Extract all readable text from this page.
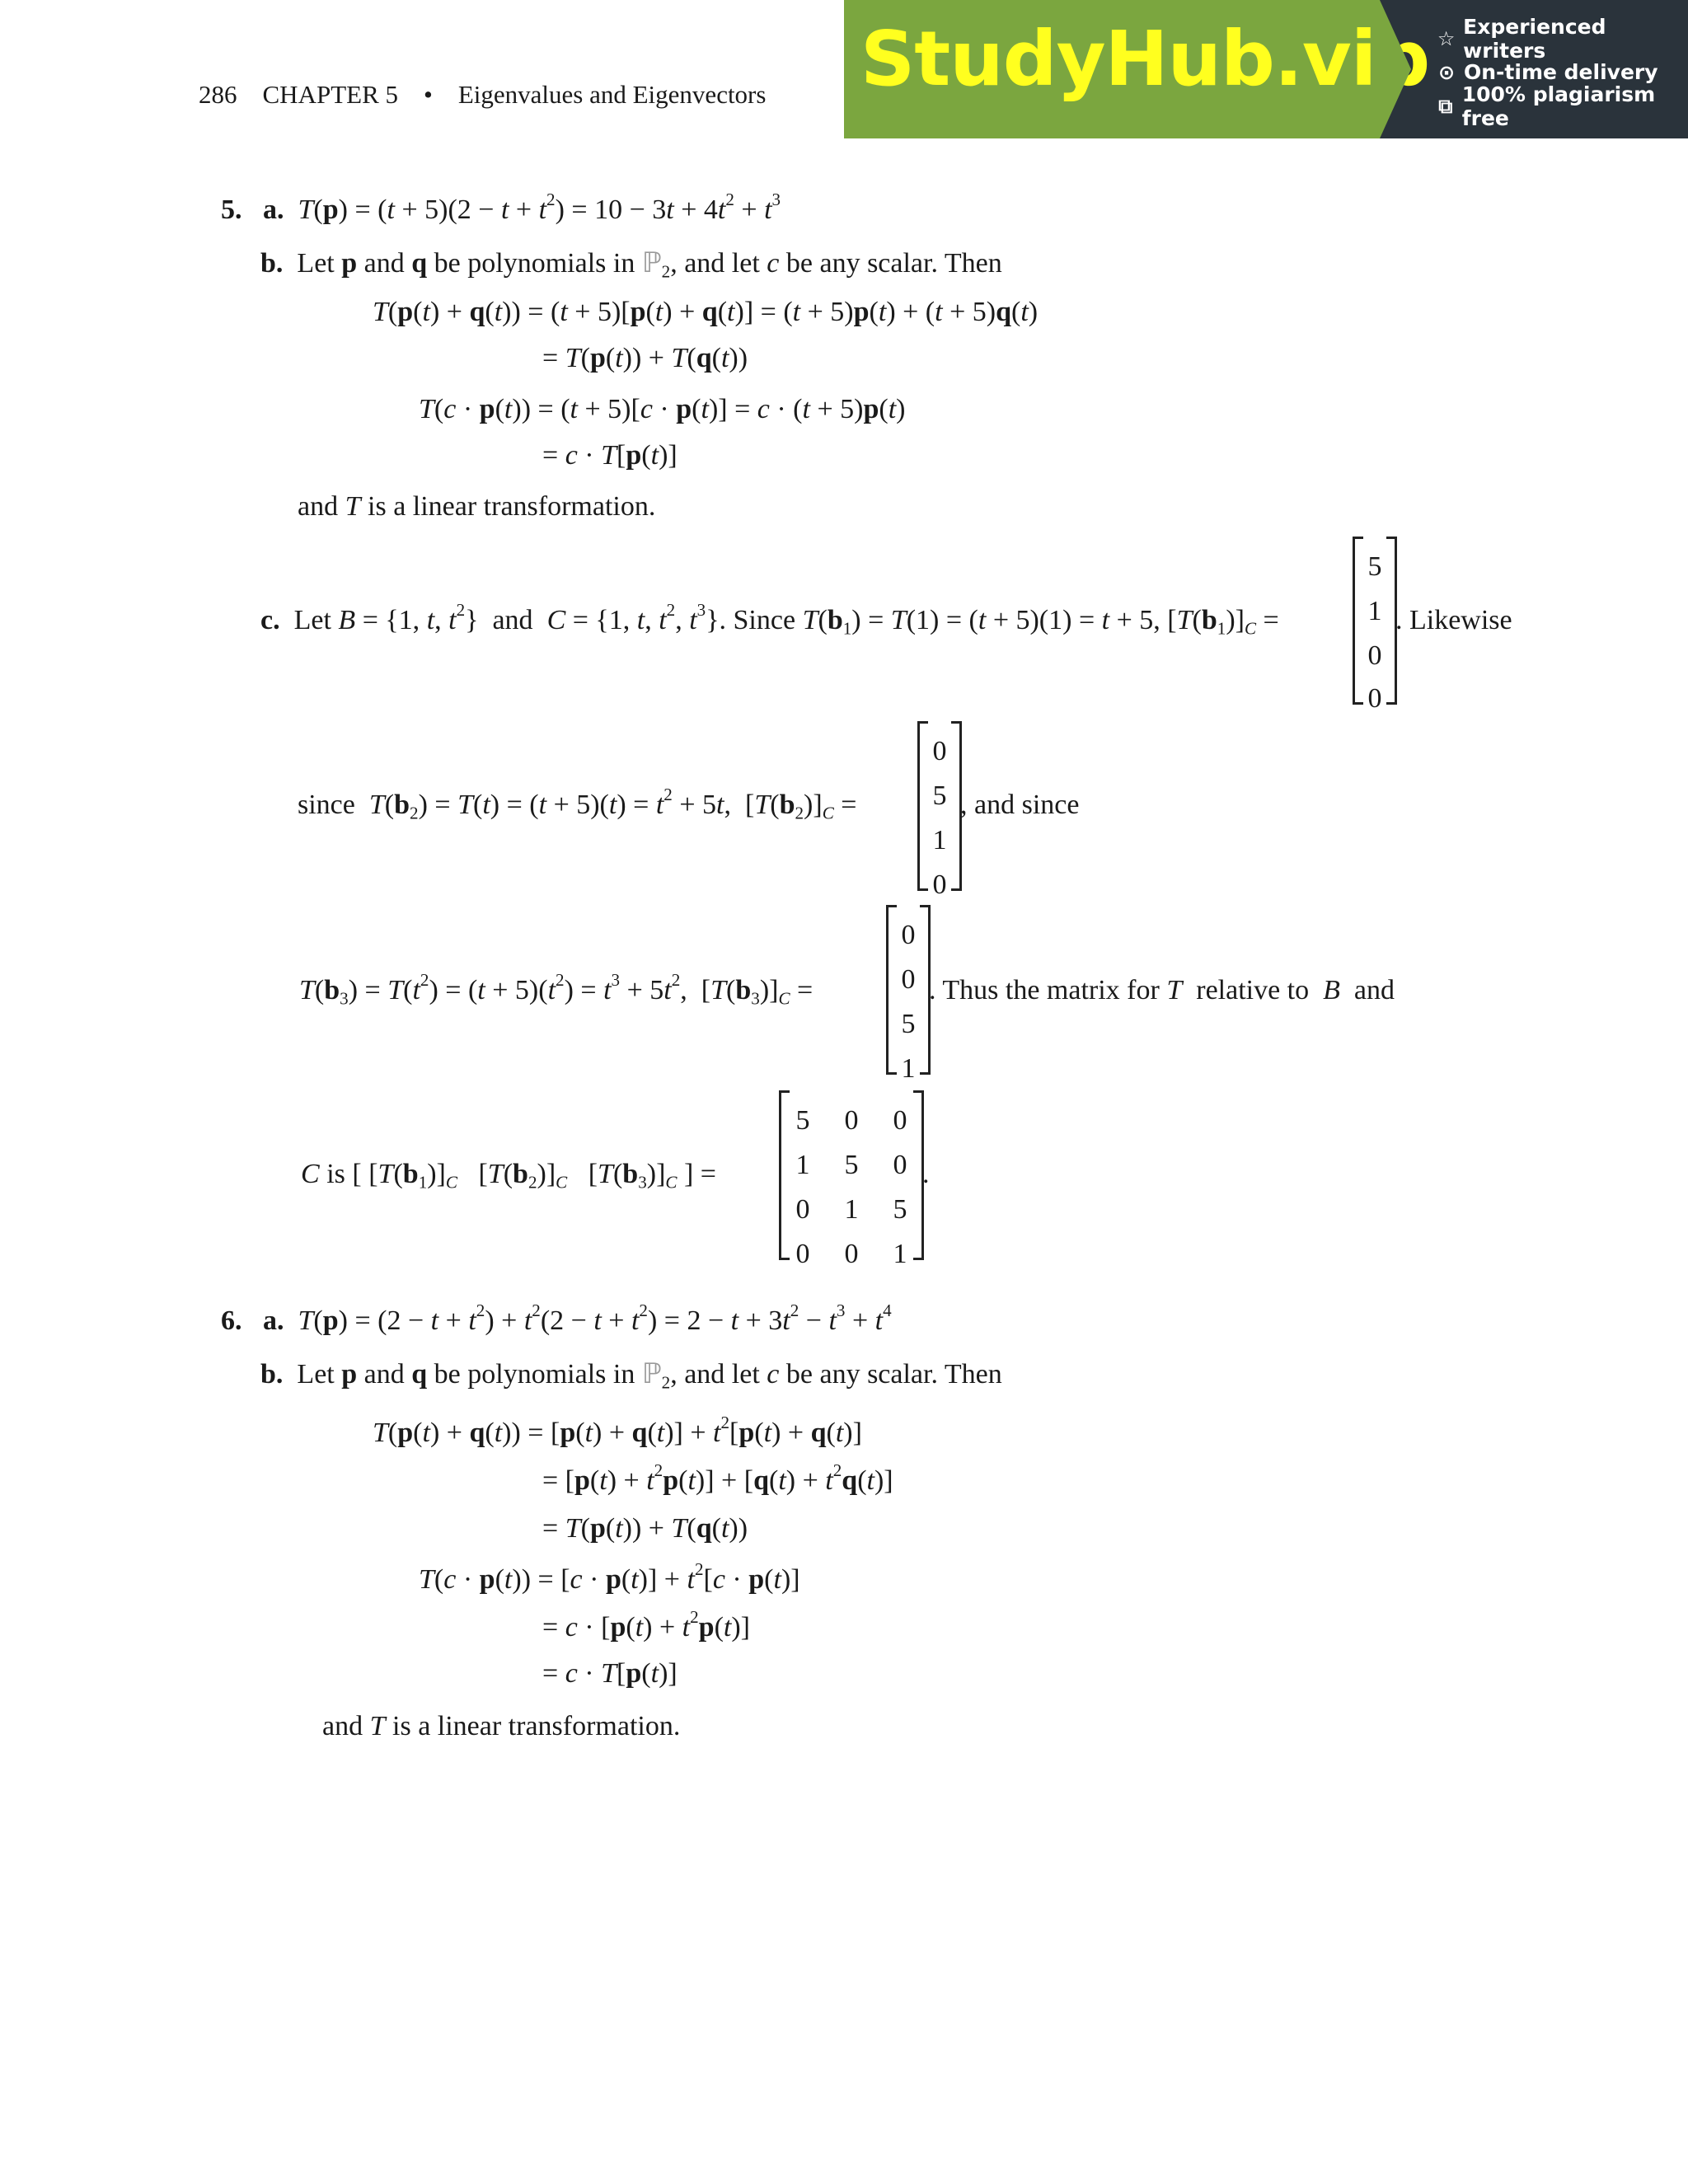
286 CHAPTER 5 • Eigenvalues and Eigenvectors StudyHub.vip ☆ Experienced writers
⊙ On-time delivery
⧉ 100% plagiarism free
5. a. $T(p) = (t + 5)(2 - t + t^2) = 10 - 3t + 4t^2 + t^3$
b. Let p and q be polynomials in ℙ$_2$, and let c be any scalar. Then
T(p(t) + q(t)) = (t + 5)[p(t) + q(t)] = (t + 5)p(t) + (t + 5)q(t)
= T(p(t)) + T(q(t))
T(c · p(t)) = (t + 5)[c · p(t)] = c · (t + 5)p(t)
= c · T[p(t)]
and T is a linear transformation.
c. Let B = {1, t, $t^2$}  and  C = {1, t, $t^2$, $t^3$}. Since $T(b_1) = T(1) = (t + 5)(1) = t + 5$, $[T(b_1)]_C$ =
5
1
0
0
. Likewise
since  $T(b_2) = T(t) = (t + 5)(t) = t^2 + 5t$,  $[T(b_2)]_C$ =
0
5
1
0
, and since
$T(b_3) = T(t^2) = (t + 5)(t^2) = t^3 + 5t^2$,  $[T(b_3)]_C$ =
0
0
5
1
. Thus the matrix for T  relative to  B  and
C is [ $[T(b_1)]_C$   $[T(b_2)]_C$   $[T(b_3)]_C$ ] =
5	0	0
1	5	0
0	1	5
0	0	1
.
6. a. $T(p) = (2 - t + t^2) + t^2(2 - t + t^2) = 2 - t + 3t^2 - t^3 + t^4$
b. Let p and q be polynomials in ℙ$_2$, and let c be any scalar. Then
$T(p(t) + q(t)) = [p(t) + q(t)] + t^2[p(t) + q(t)]$
= $[p(t) + t^2p(t)] + [q(t) + t^2q(t)]$
= T(p(t)) + T(q(t))
$T(c \cdot p(t)) = [c \cdot p(t)] + t^2[c \cdot p(t)]$
= $c \cdot [p(t) + t^2p(t)]$
= c · T[p(t)]
and T is a linear transformation.
